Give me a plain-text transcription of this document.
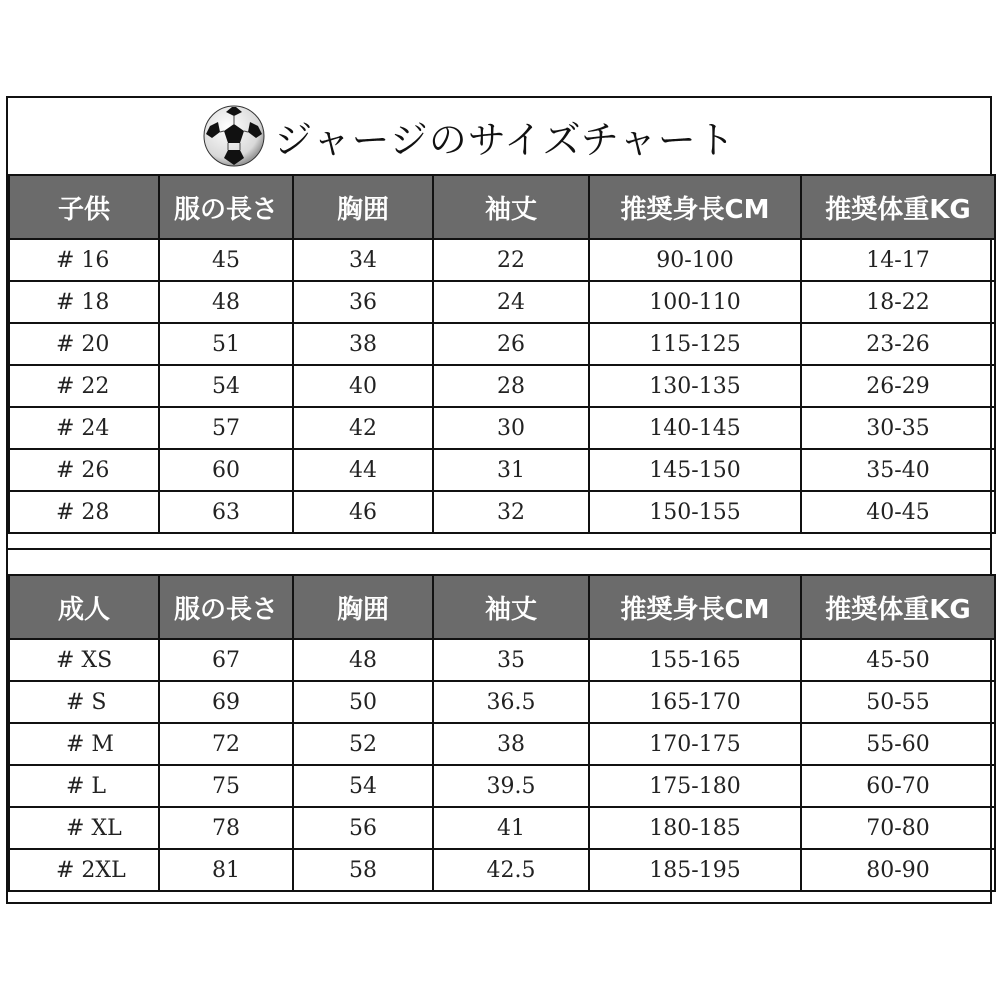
ジャージのサイズチャート
子供	服の長さ	胸囲	袖丈	推奨身長CM	推奨体重KG
# 16	45	34	22	90-100	14-17
# 18	48	36	24	100-110	18-22
# 20	51	38	26	115-125	23-26
# 22	54	40	28	130-135	26-29
# 24	57	42	30	140-145	30-35
# 26	60	44	31	145-150	35-40
# 28	63	46	32	150-155	40-45
成人	服の長さ	胸囲	袖丈	推奨身長CM	推奨体重KG
# XS	67	48	35	155-165	45-50
# S	69	50	36.5	165-170	50-55
# M	72	52	38	170-175	55-60
# L	75	54	39.5	175-180	60-70
# XL	78	56	41	180-185	70-80
# 2XL	81	58	42.5	185-195	80-90
